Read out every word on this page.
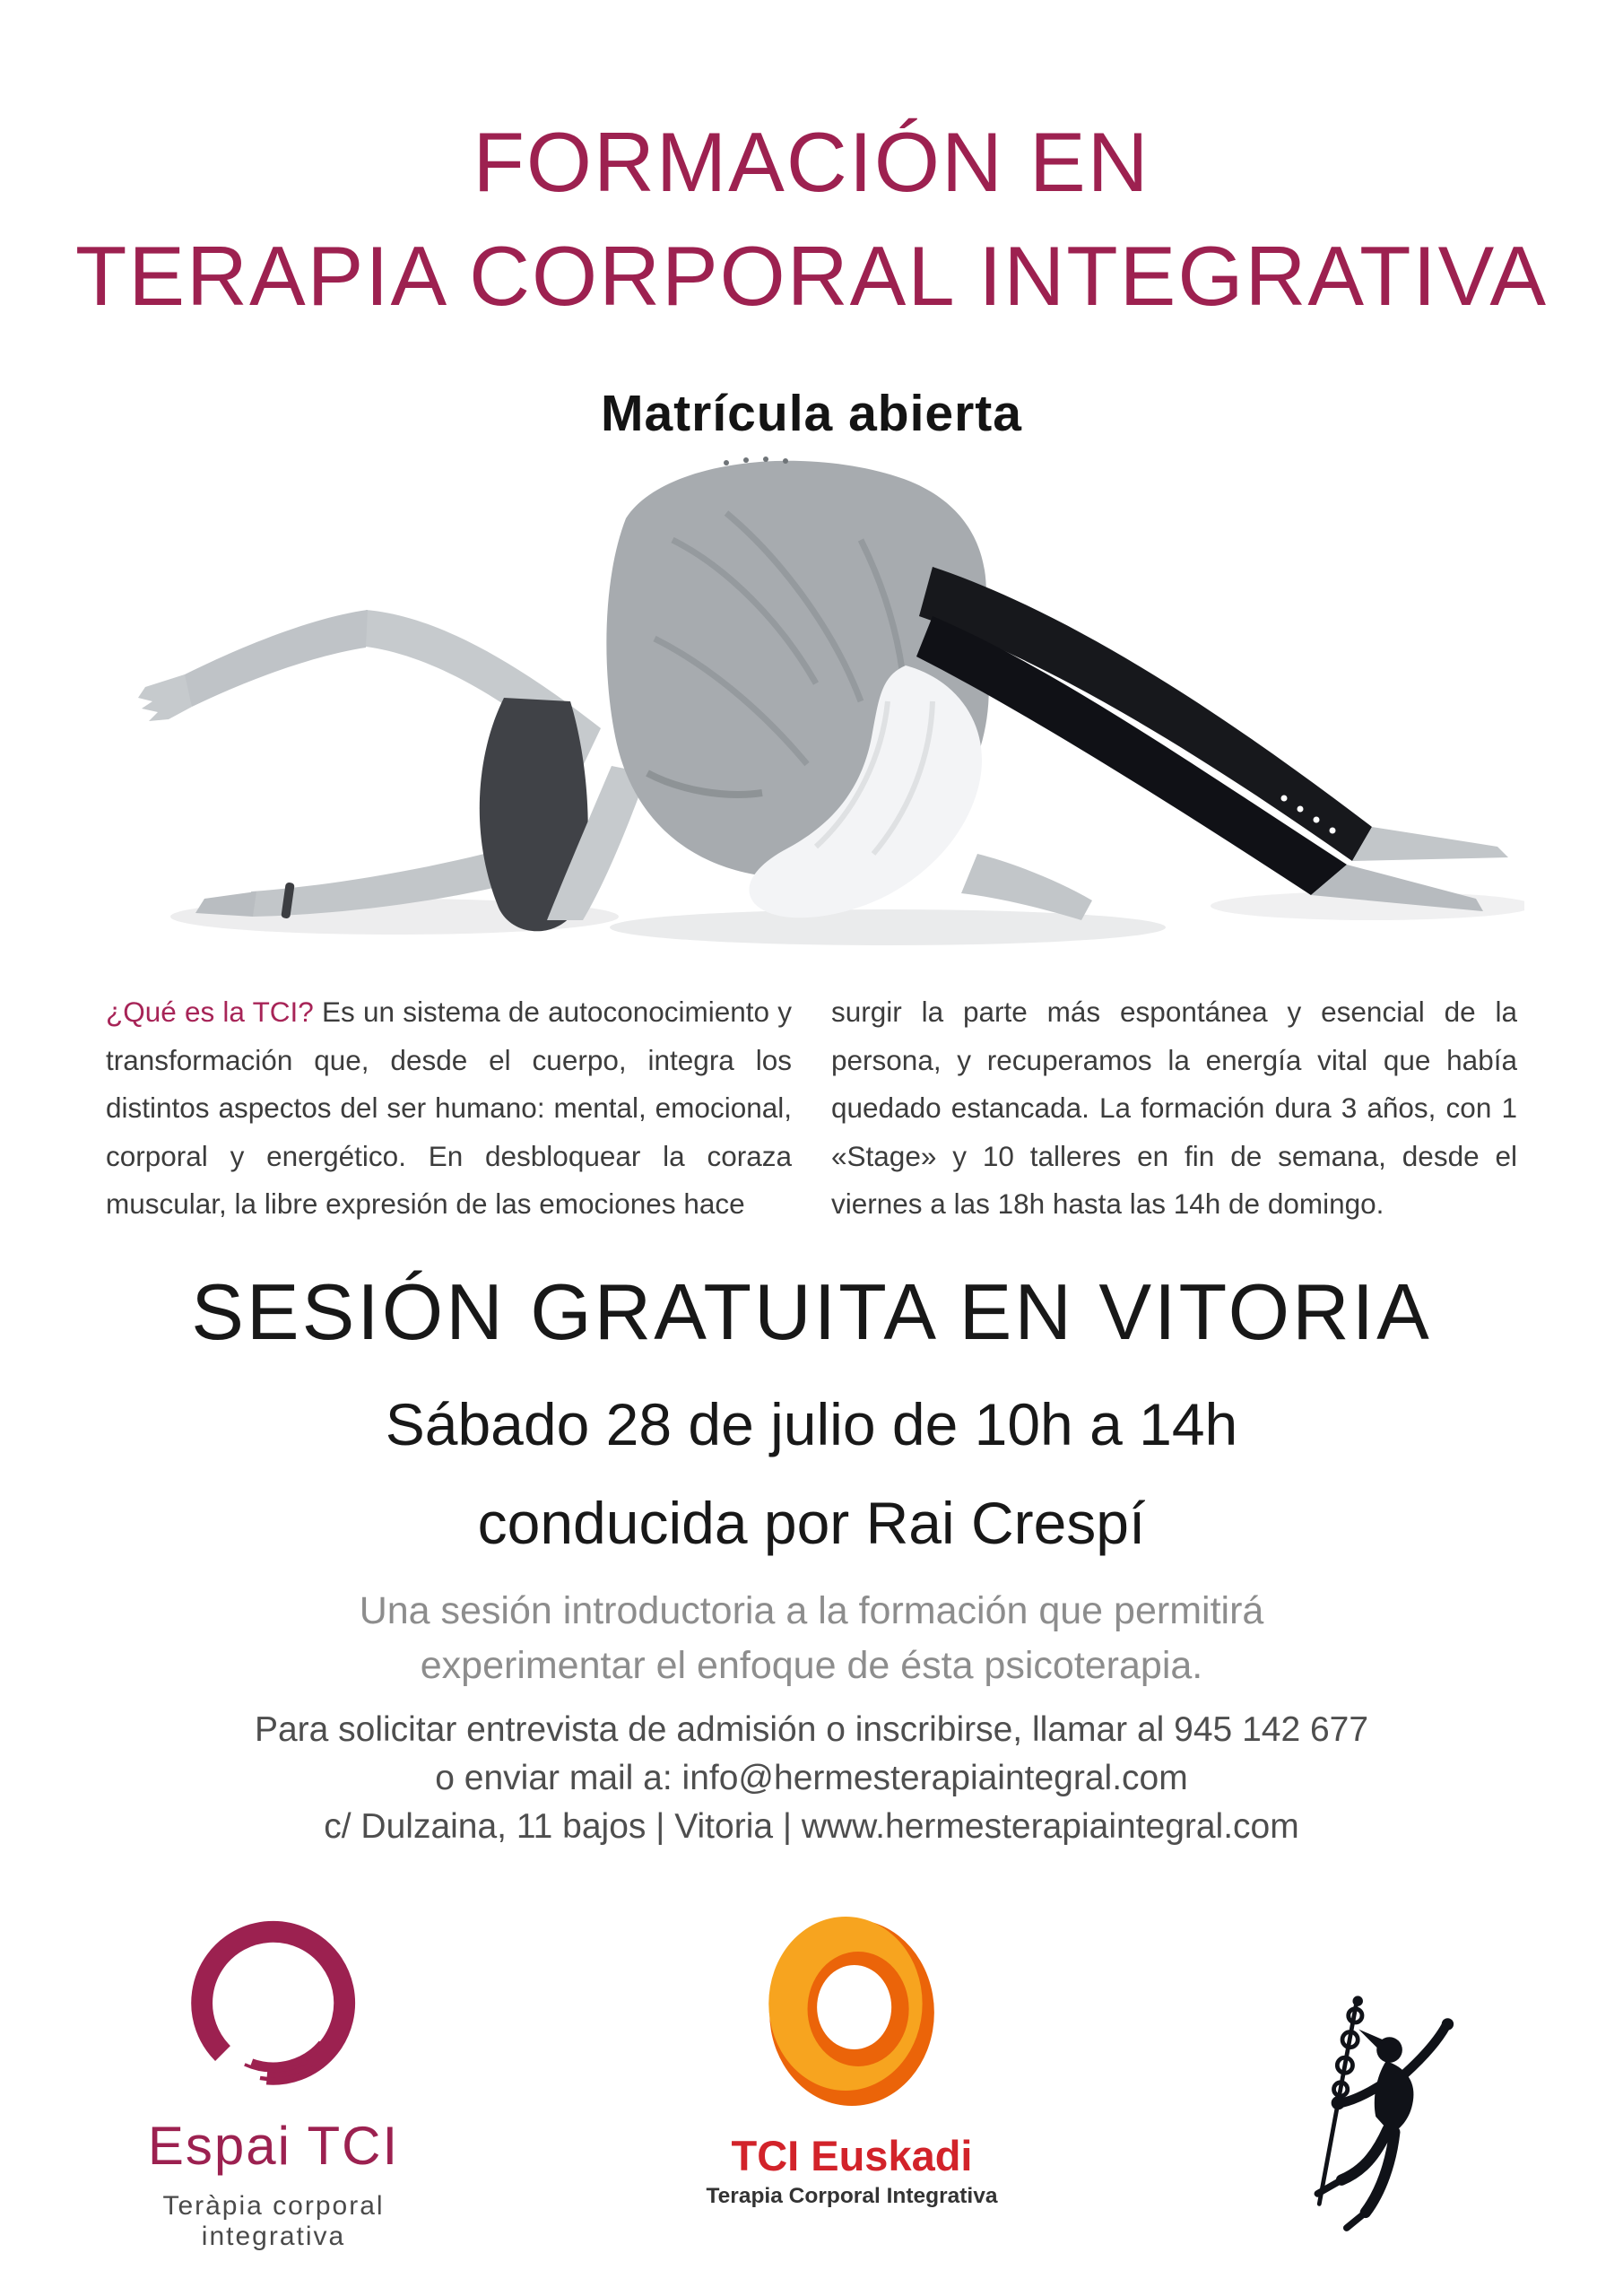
FORMACIÓN EN
TERAPIA CORPORAL INTEGRATIVA
Matrícula abierta

¿Qué es la TCI? Es un sistema de autoconocimiento y transformación que, desde el cuerpo, integra los distintos aspectos del ser humano: mental, emocional, corporal y energético. En desbloquear la coraza muscular, la libre expresión de las emociones hace

surgir la parte más espontánea y esencial de la persona, y recuperamos la energía vital que había quedado estancada. La formación dura 3 años, con 1 «Stage» y 10 talleres en fin de semana, desde el viernes a las 18h hasta las 14h de domingo.

SESIÓN GRATUITA EN VITORIA
Sábado 28 de julio de 10h a 14h
conducida por Rai Crespí
Una sesión introductoria a la formación que permitirá
experimentar el enfoque de ésta psicoterapia.
Para solicitar entrevista de admisión o inscribirse, llamar al 945 142 677
o enviar mail a: info@hermesterapiaintegral.com
c/ Dulzaina, 11 bajos | Vitoria | www.hermesterapiaintegral.com
Espai TCI
Teràpia corporal integrativa
TCI Euskadi
Terapia Corporal Integrativa
